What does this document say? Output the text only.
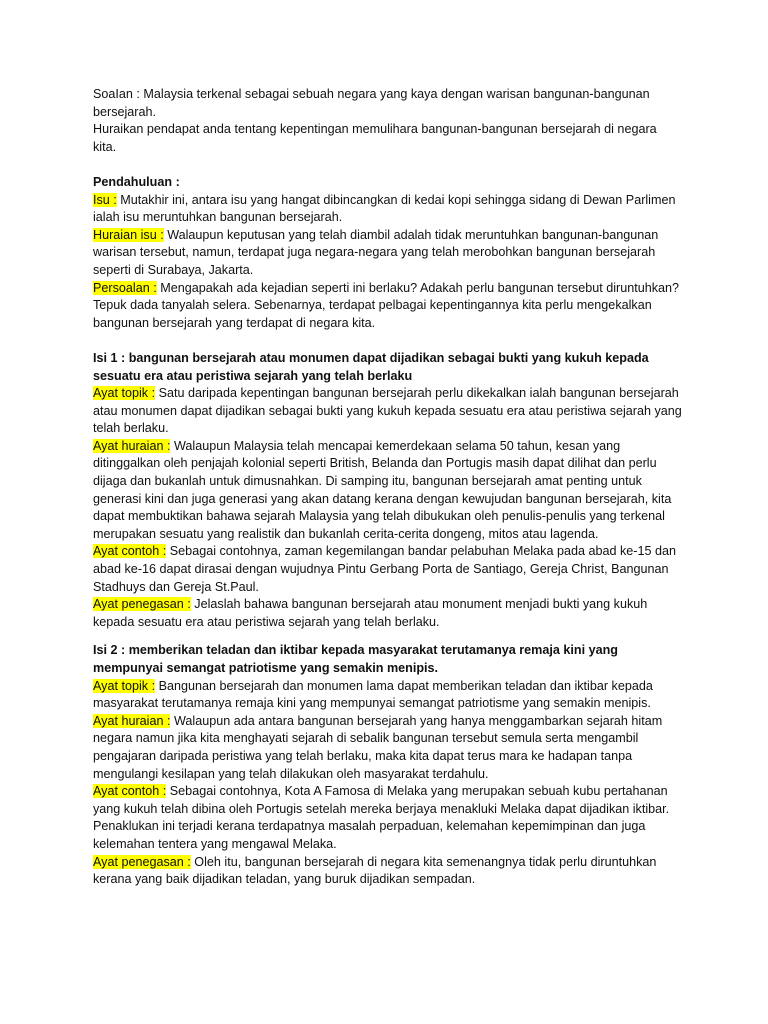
SoaIan : Malaysia terkenal sebagai sebuah negara yang kaya dengan warisan bangunan-bangunan bersejarah.

Huraikan pendapat anda tentang kepentingan memulihara bangunan-bangunan bersejarah di negara kita.

Pendahuluan :

Isu : Mutakhir ini, antara isu yang hangat dibincangkan di kedai kopi sehingga sidang di Dewan Parlimen ialah isu meruntuhkan bangunan bersejarah.

Huraian isu : Walaupun keputusan yang telah diambil adalah tidak meruntuhkan bangunan-bangunan warisan tersebut, namun, terdapat juga negara-negara yang telah merobohkan bangunan bersejarah seperti di Surabaya, Jakarta.

Persoalan : Mengapakah ada kejadian seperti ini berlaku? Adakah perlu bangunan tersebut diruntuhkan? Tepuk dada tanyalah selera. Sebenarnya, terdapat pelbagai kepentingannya kita perlu mengekalkan bangunan bersejarah yang terdapat di negara kita.

Isi 1 : bangunan bersejarah atau monumen dapat dijadikan sebagai bukti yang kukuh kepada sesuatu era atau peristiwa sejarah yang telah berlaku

Ayat topik : Satu daripada kepentingan bangunan bersejarah perlu dikekalkan ialah bangunan bersejarah atau monumen dapat dijadikan sebagai bukti yang kukuh kepada sesuatu era atau peristiwa sejarah yang telah berlaku.

Ayat huraian : Walaupun Malaysia telah mencapai kemerdekaan selama 50 tahun, kesan yang ditinggalkan oleh penjajah kolonial seperti British, Belanda dan Portugis masih dapat dilihat dan perlu dijaga dan bukanlah untuk dimusnahkan. Di samping itu, bangunan bersejarah amat penting untuk generasi kini dan juga generasi yang akan datang kerana dengan kewujudan bangunan bersejarah, kita dapat membuktikan bahawa sejarah Malaysia yang telah dibukukan oleh penulis-penulis yang terkenal merupakan sesuatu yang realistik dan bukanlah cerita-cerita dongeng, mitos atau lagenda.

Ayat contoh : Sebagai contohnya, zaman kegemilangan bandar pelabuhan Melaka pada abad ke-15 dan abad ke-16 dapat dirasai dengan wujudnya Pintu Gerbang Porta de Santiago, Gereja Christ, Bangunan Stadhuys dan Gereja St.Paul.

Ayat penegasan : Jelaslah bahawa bangunan bersejarah atau monument menjadi bukti yang kukuh kepada sesuatu era atau peristiwa sejarah yang telah berlaku.

Isi 2 : memberikan teladan dan iktibar kepada masyarakat terutamanya remaja kini yang mempunyai semangat patriotisme yang semakin menipis.

Ayat topik : Bangunan bersejarah dan monumen lama dapat memberikan teladan dan iktibar kepada masyarakat terutamanya remaja kini yang mempunyai semangat patriotisme yang semakin menipis.

Ayat huraian : Walaupun ada antara bangunan bersejarah yang hanya menggambarkan sejarah hitam negara namun jika kita menghayati sejarah di sebalik bangunan tersebut semula serta mengambil pengajaran daripada peristiwa yang telah berlaku, maka kita dapat terus mara ke hadapan tanpa mengulangi kesilapan yang telah dilakukan oleh masyarakat terdahulu.

Ayat contoh : Sebagai contohnya, Kota A Famosa di Melaka yang merupakan sebuah kubu pertahanan yang kukuh telah dibina oleh Portugis setelah mereka berjaya menakluki Melaka dapat dijadikan iktibar. Penaklukan ini terjadi kerana terdapatnya masalah perpaduan, kelemahan kepemimpinan dan juga kelemahan tentera yang mengawal Melaka.

Ayat penegasan : Oleh itu, bangunan bersejarah di negara kita semenangnya tidak perlu diruntuhkan kerana yang baik dijadikan teladan, yang buruk dijadikan sempadan.
